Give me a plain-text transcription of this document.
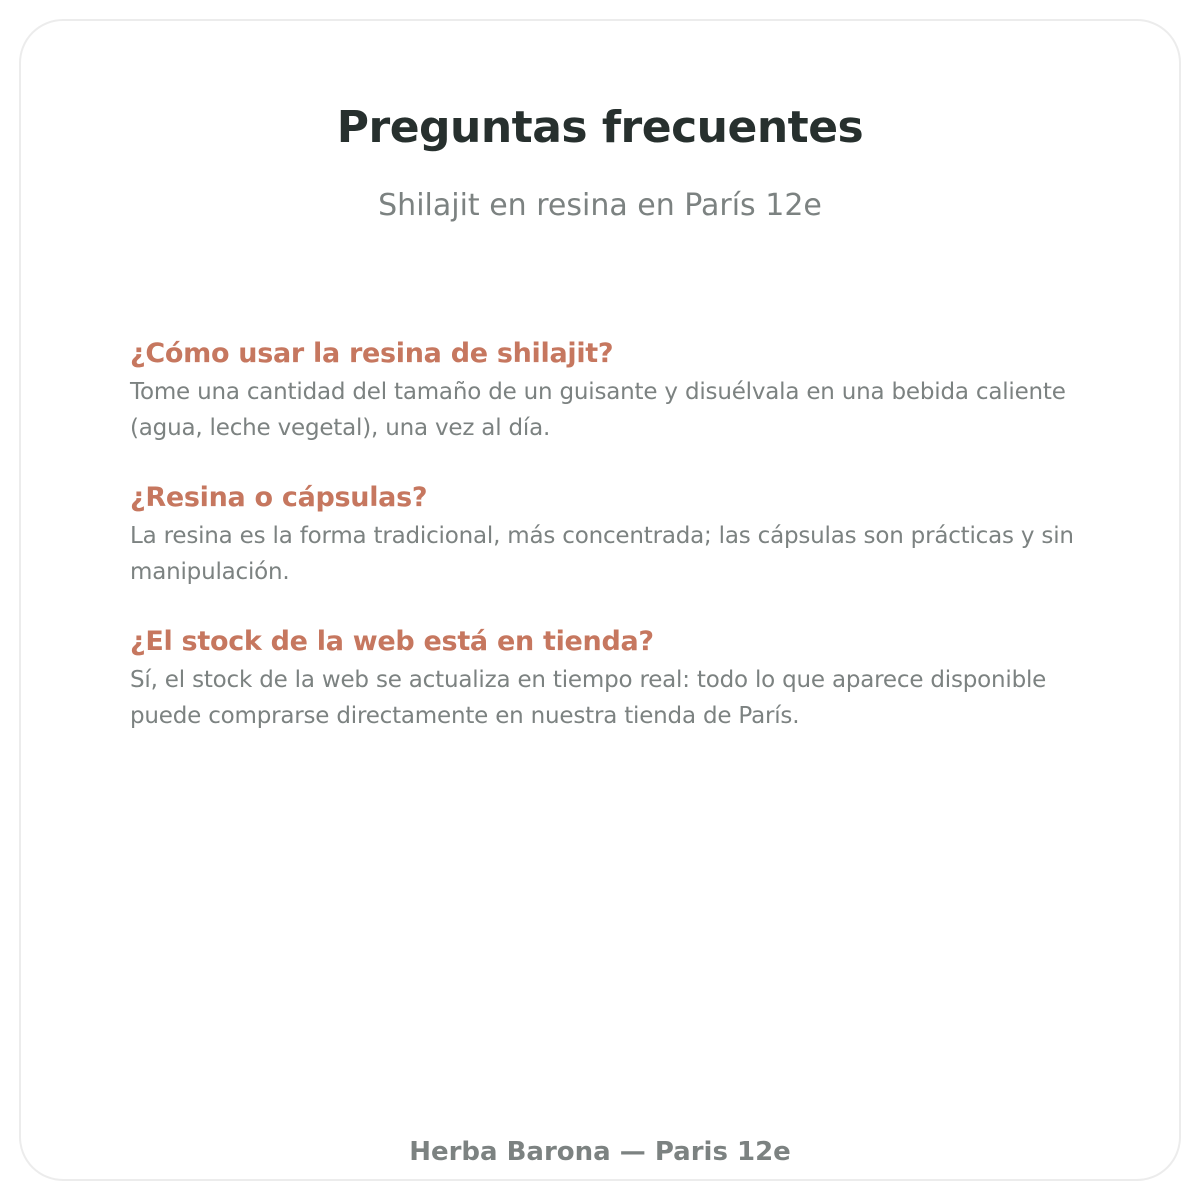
Preguntas frecuentes

Shilajit en resina en París 12e

¿Cómo usar la resina de shilajit?

Tome una cantidad del tamaño de un guisante y disuélvala en una bebida caliente (agua, leche vegetal), una vez al día.

¿Resina o cápsulas?

La resina es la forma tradicional, más concentrada; las cápsulas son prácticas y sin manipulación.

¿El stock de la web está en tienda?

Sí, el stock de la web se actualiza en tiempo real: todo lo que aparece disponible puede comprarse directamente en nuestra tienda de París.

Herba Barona — Paris 12e
